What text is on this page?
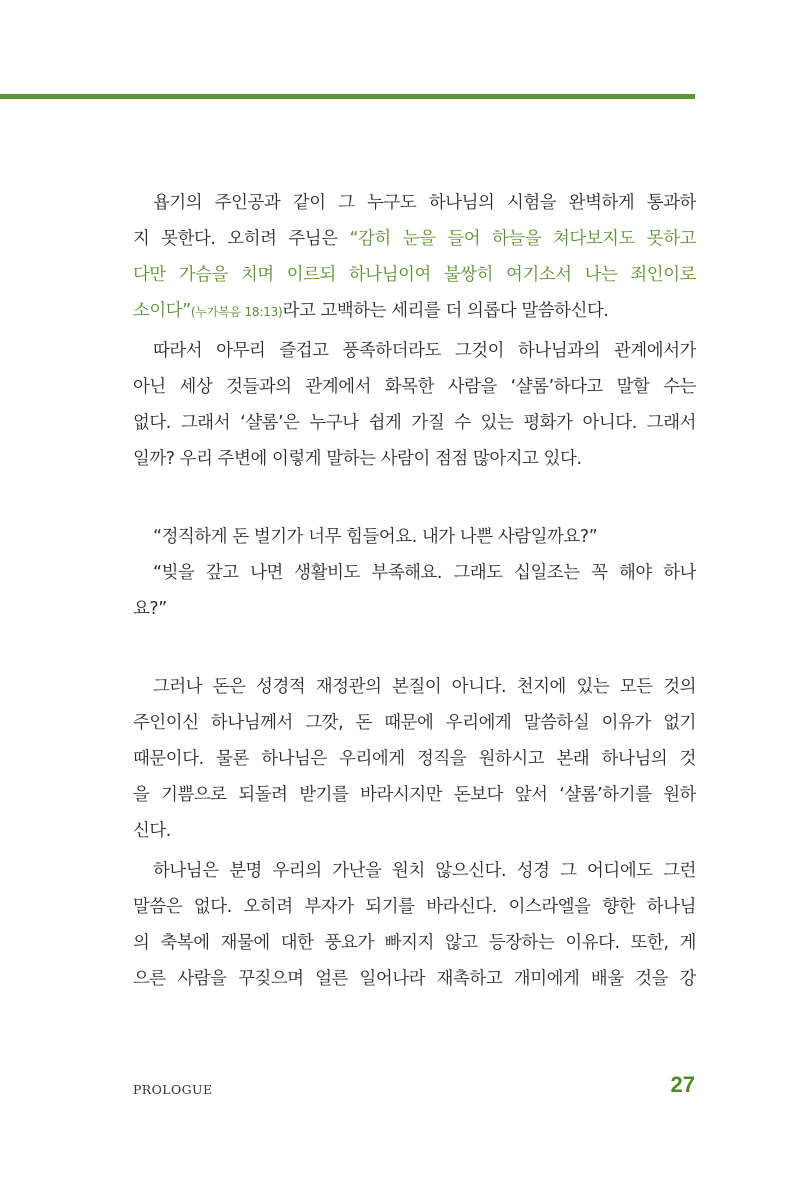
욥기의 주인공과 같이 그 누구도 하나님의 시험을 완벽하게 통과하
지 못한다. 오히려 주님은 “감히 눈을 들어 하늘을 쳐다보지도 못하고
다만 가슴을 치며 이르되 하나님이여 불쌍히 여기소서 나는 죄인이로
소이다”(누가복음 18:13)라고 고백하는 세리를 더 의롭다 말씀하신다.
따라서 아무리 즐겁고 풍족하더라도 그것이 하나님과의 관계에서가
아닌 세상 것들과의 관계에서 화목한 사람을 ‘샬롬’하다고 말할 수는
없다. 그래서 ‘샬롬’은 누구나 쉽게 가질 수 있는 평화가 아니다. 그래서
일까? 우리 주변에 이렇게 말하는 사람이 점점 많아지고 있다.
“정직하게 돈 벌기가 너무 힘들어요. 내가 나쁜 사람일까요?”
“빚을 갚고 나면 생활비도 부족해요. 그래도 십일조는 꼭 해야 하나
요?”
그러나 돈은 성경적 재정관의 본질이 아니다. 천지에 있는 모든 것의
주인이신 하나님께서 그깟, 돈 때문에 우리에게 말씀하실 이유가 없기
때문이다. 물론 하나님은 우리에게 정직을 원하시고 본래 하나님의 것
을 기쁨으로 되돌려 받기를 바라시지만 돈보다 앞서 ‘샬롬’하기를 원하
신다.
하나님은 분명 우리의 가난을 원치 않으신다. 성경 그 어디에도 그런
말씀은 없다. 오히려 부자가 되기를 바라신다. 이스라엘을 향한 하나님
의 축복에 재물에 대한 풍요가 빠지지 않고 등장하는 이유다. 또한, 게
으른 사람을 꾸짖으며 얼른 일어나라 재촉하고 개미에게 배울 것을 강
PROLOGUE	27
